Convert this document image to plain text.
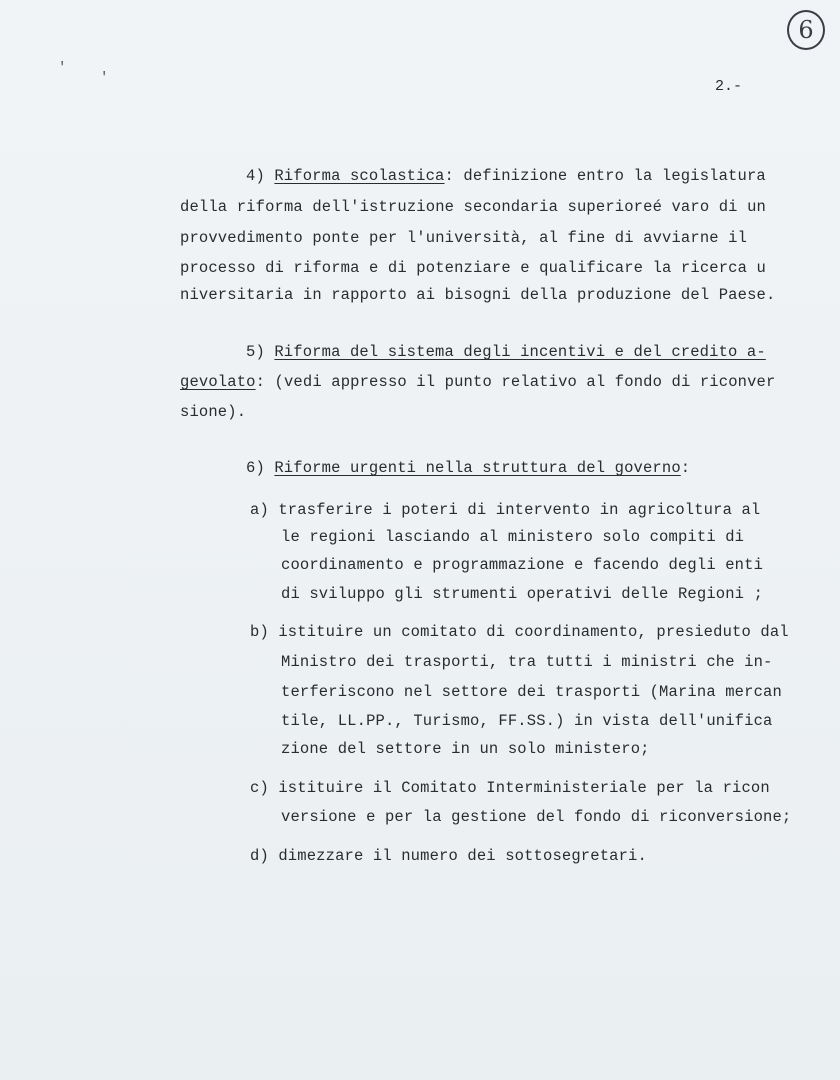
6
'
'	2.-
4) Riforma scolastica: definizione entro la legislatura
della riforma dell'istruzione secondaria superioreé varo di un
provvedimento ponte per l'università, al fine di avviarne il
processo di riforma e di potenziare e qualificare la ricerca u
niversitaria in rapporto ai bisogni della produzione del Paese.
5) Riforma del sistema degli incentivi e del credito a-
gevolato: (vedi appresso il punto relativo al fondo di riconver
sione).
6) Riforme urgenti nella struttura del governo:
a) trasferire i poteri di intervento in agricoltura al
le regioni lasciando al ministero solo compiti di
coordinamento e programmazione e facendo degli enti
di sviluppo gli strumenti operativi delle Regioni ;
b) istituire un comitato di coordinamento, presieduto dal
Ministro dei trasporti, tra tutti i ministri che in-
terferiscono nel settore dei trasporti (Marina mercan
tile, LL.PP., Turismo, FF.SS.) in vista dell'unifica
zione del settore in un solo ministero;
c) istituire il Comitato Interministeriale per la ricon
versione e per la gestione del fondo di riconversione;
d) dimezzare il numero dei sottosegretari.
